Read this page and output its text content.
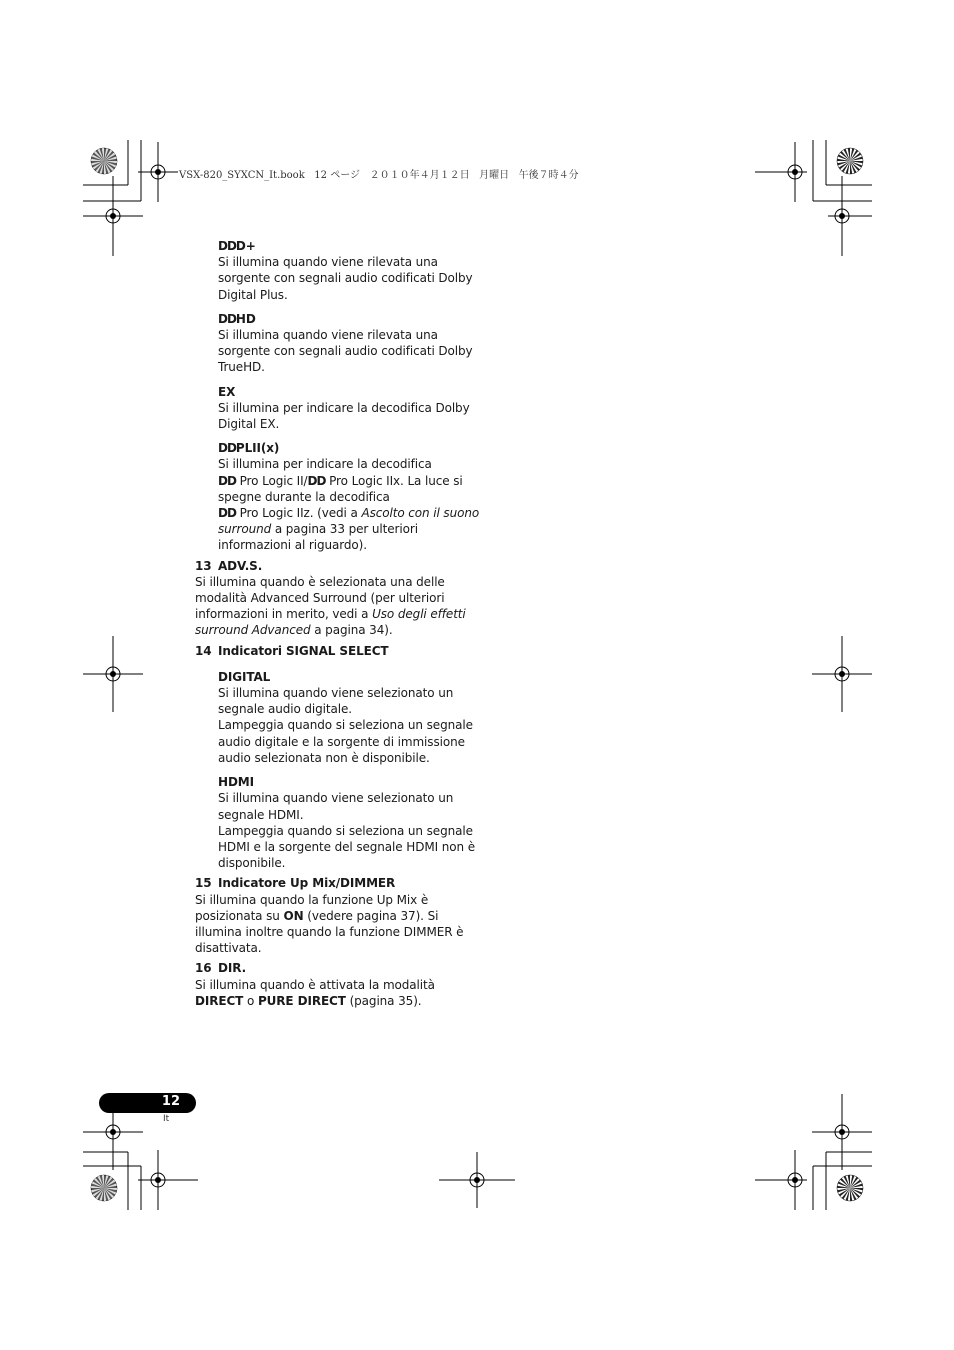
VSX-820_SYXCN_It.book 12 ページ ２０１０年４月１２日 月曜日 午後７時４分

DDD+

Si illumina quando viene rilevata una sorgente con segnali audio codificati Dolby Digital Plus.

DDHD

Si illumina quando viene rilevata una sorgente con segnali audio codificati Dolby TrueHD.

EX

Si illumina per indicare la decodifica Dolby Digital EX.

DDPLII(x)

Si illumina per indicare la decodifica
DD Pro Logic II/DD Pro Logic IIx. La luce si spegne durante la decodifica
DD Pro Logic IIz. (vedi a Ascolto con il suono surround a pagina 33 per ulteriori informazioni al riguardo).

13 ADV.S.

Si illumina quando è selezionata una delle modalità Advanced Surround (per ulteriori informazioni in merito, vedi a Uso degli effetti surround Advanced a pagina 34).

14 Indicatori SIGNAL SELECT

DIGITAL

Si illumina quando viene selezionato un segnale audio digitale.

Lampeggia quando si seleziona un segnale audio digitale e la sorgente di immissione audio selezionata non è disponibile.

HDMI

Si illumina quando viene selezionato un segnale HDMI.

Lampeggia quando si seleziona un segnale HDMI e la sorgente del segnale HDMI non è disponibile.

15 Indicatore Up Mix/DIMMER

Si illumina quando la funzione Up Mix è posizionata su ON (vedere pagina 37). Si illumina inoltre quando la funzione DIMMER è disattivata.

16 DIR.

Si illumina quando è attivata la modalità DIRECT o PURE DIRECT (pagina 35).

12
It
